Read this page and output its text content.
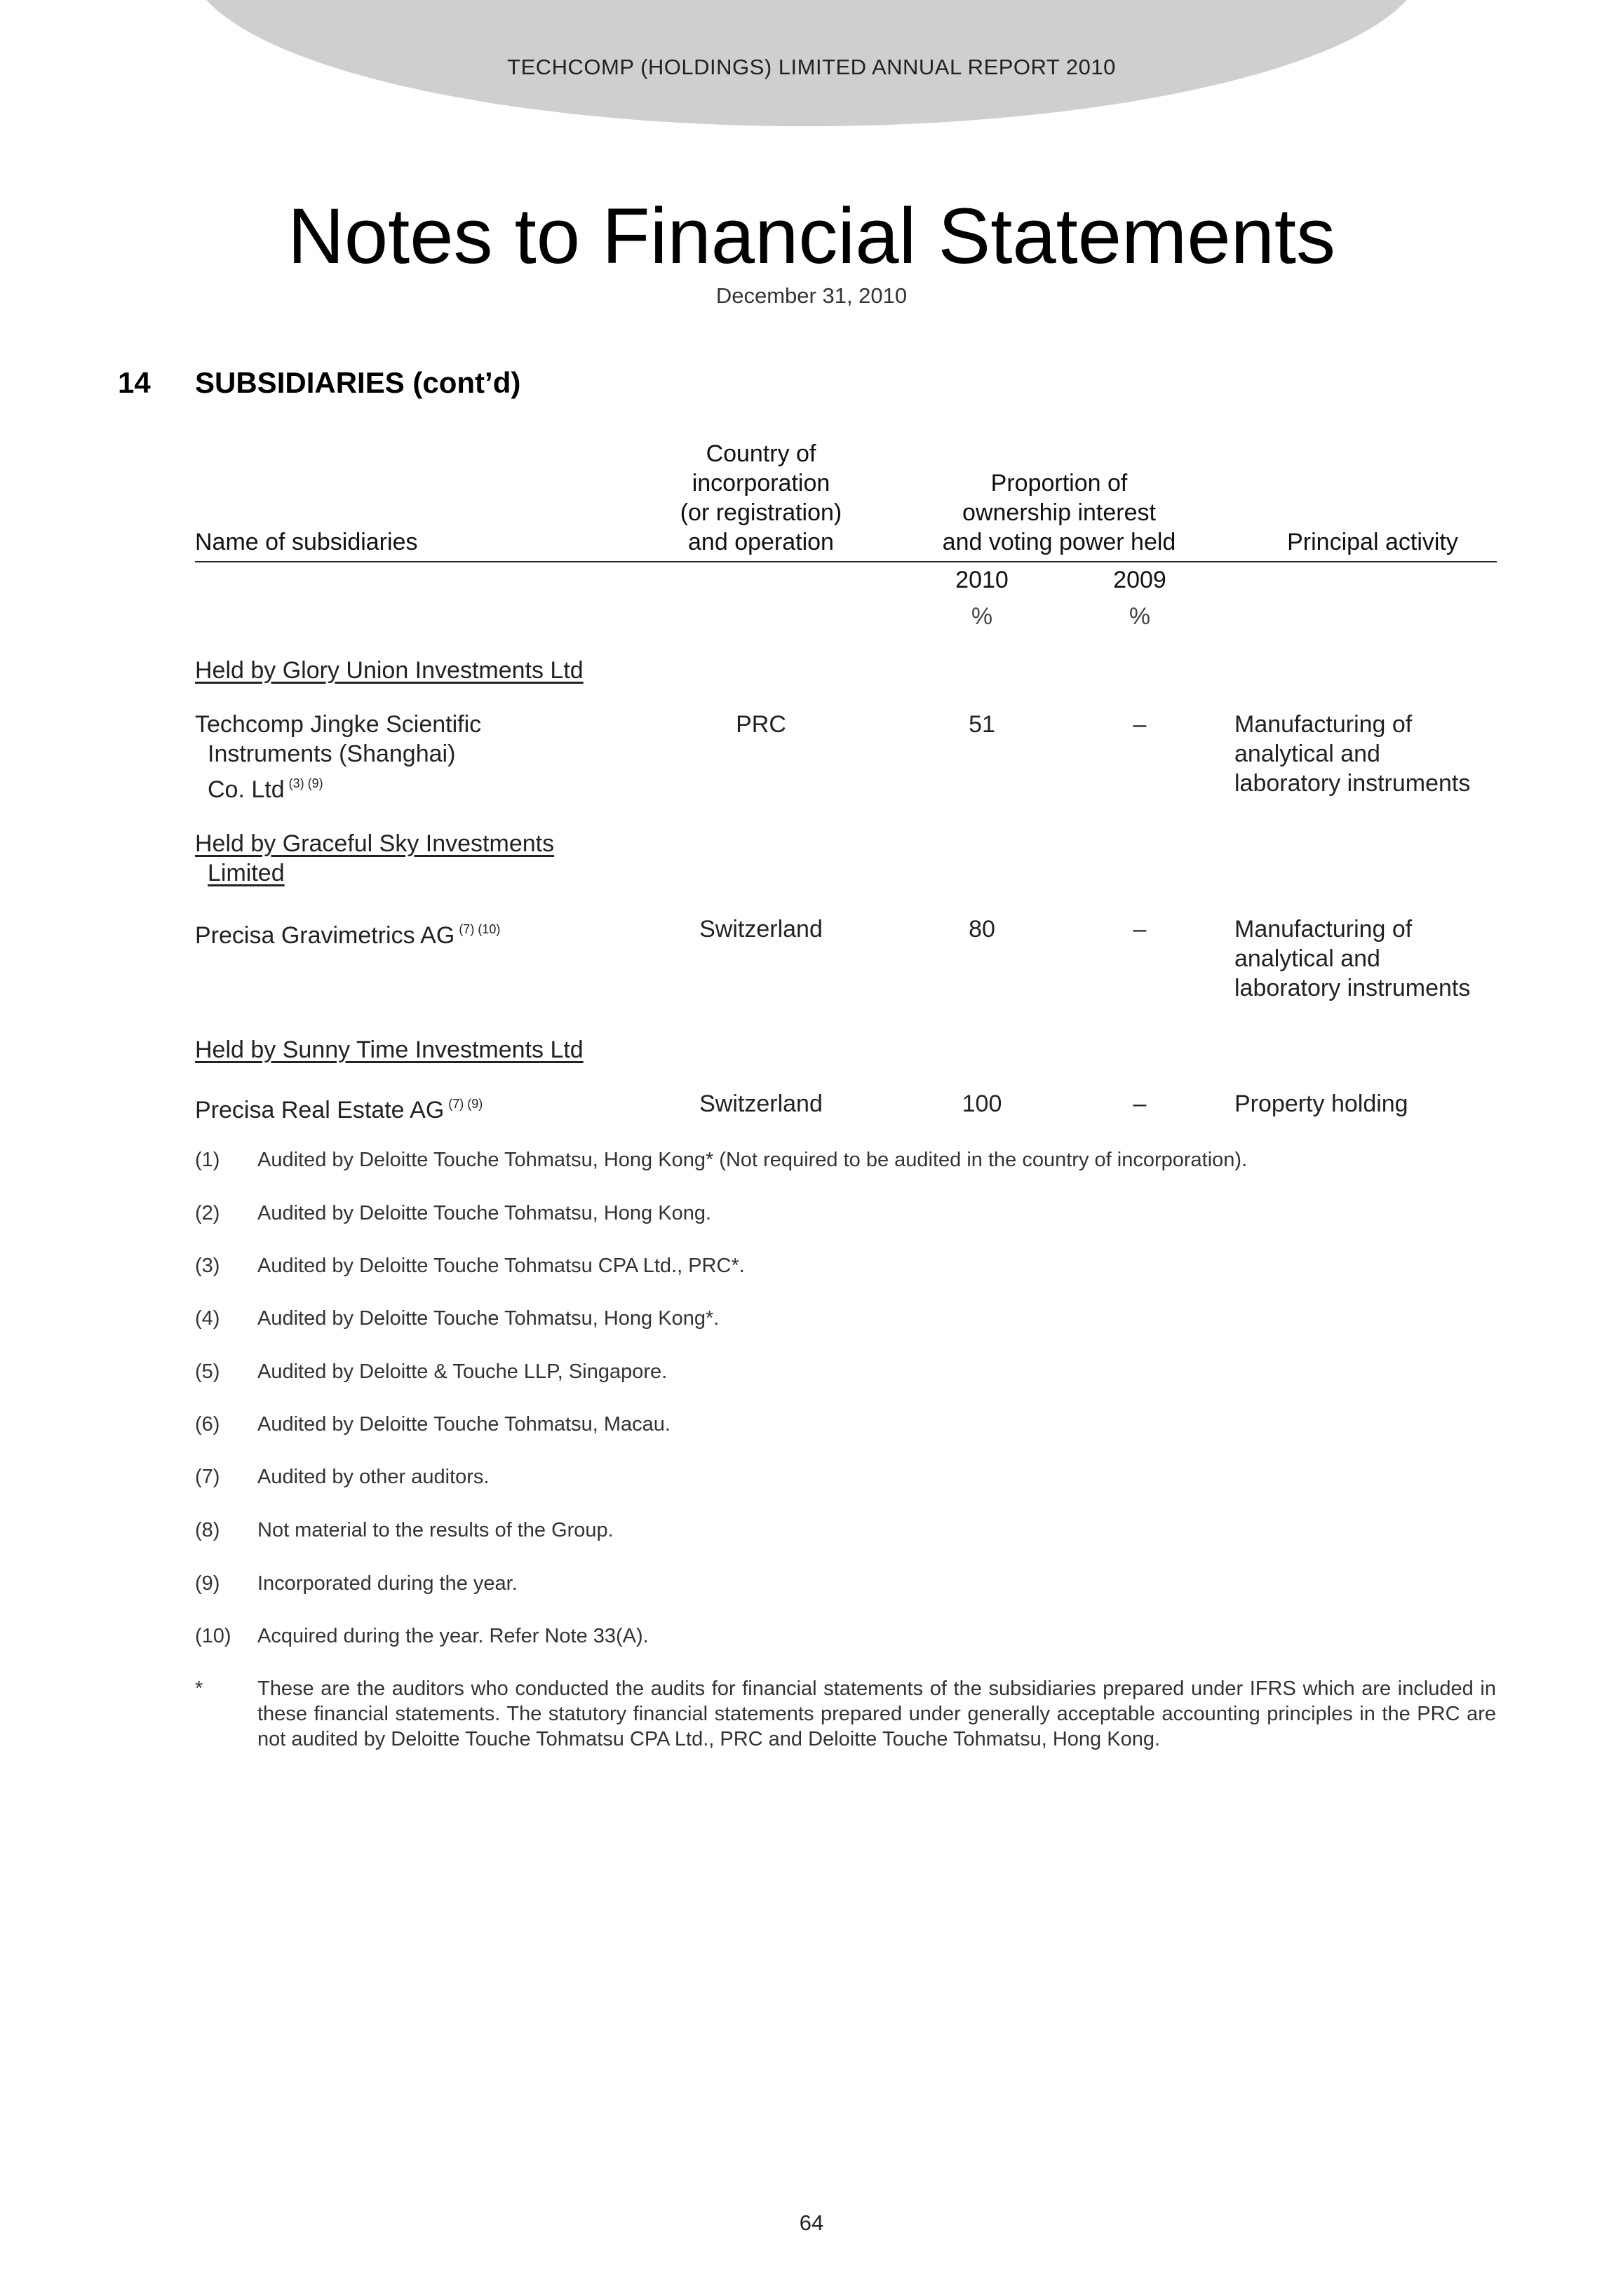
TECHCOMP (HOLDINGS) LIMITED ANNUAL REPORT 2010
Notes to Financial Statements
December 31, 2010
14 SUBSIDIARIES (cont’d)
Country of
incorporation
(or registration)
and operation
Proportion of
ownership interest
and voting power held
Name of subsidiaries	Principal activity
2010	2009
%	%
Held by Glory Union Investments Ltd
Techcomp Jingke Scientific
Instruments (Shanghai)
Co. Ltd $^{(3) (9)}$
PRC	51	–	Manufacturing of
analytical and
laboratory instruments
Held by Graceful Sky Investments
Limited
Precisa Gravimetrics AG $^{(7) (10)}$	Switzerland	80	–	Manufacturing of
analytical and
laboratory instruments
Held by Sunny Time Investments Ltd
Precisa Real Estate AG $^{(7) (9)}$	Switzerland	100	–	Property holding
(1) Audited by Deloitte Touche Tohmatsu, Hong Kong* (Not required to be audited in the country of incorporation).
(2) Audited by Deloitte Touche Tohmatsu, Hong Kong.
(3) Audited by Deloitte Touche Tohmatsu CPA Ltd., PRC*.
(4) Audited by Deloitte Touche Tohmatsu, Hong Kong*.
(5) Audited by Deloitte & Touche LLP, Singapore.
(6) Audited by Deloitte Touche Tohmatsu, Macau.
(7) Audited by other auditors.
(8) Not material to the results of the Group.
(9) Incorporated during the year.
(10) Acquired during the year. Refer Note 33(A).
*	These are the auditors who conducted the audits for financial statements of the subsidiaries prepared under IFRS which are included in these financial statements. The statutory financial statements prepared under generally acceptable accounting principles in the PRC are not audited by Deloitte Touche Tohmatsu CPA Ltd., PRC and Deloitte Touche Tohmatsu, Hong Kong.
64
